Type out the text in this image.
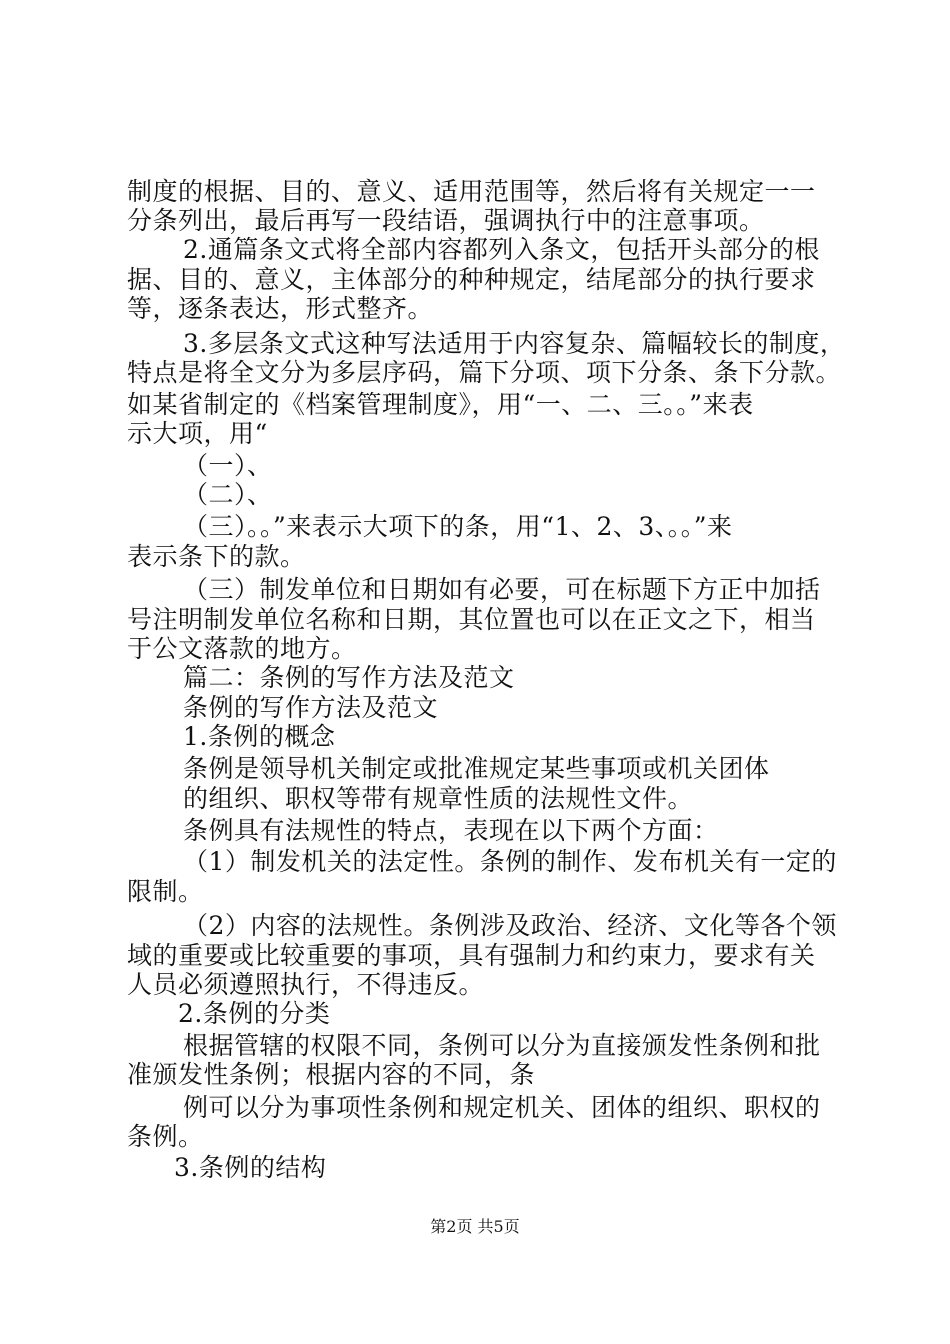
制度的根据、目的、意义、适用范围等，然后将有关规定一一
分条列出，最后再写一段结语，强调执行中的注意事项。
2.通篇条文式将全部内容都列入条文，包括开头部分的根
据、目的、意义，主体部分的种种规定，结尾部分的执行要求
等，逐条表达，形式整齐。
3.多层条文式这种写法适用于内容复杂、篇幅较长的制度，
特点是将全文分为多层序码，篇下分项、项下分条、条下分款。
如某省制定的《档案管理制度》，用“一、二、三。。”来表
示大项，用“
（一）、
（二）、
（三）。。”来表示大项下的条，用“1、2、3、。。”来
表示条下的款。
（三）制发单位和日期如有必要，可在标题下方正中加括
号注明制发单位名称和日期，其位置也可以在正文之下，相当
于公文落款的地方。
篇二：条例的写作方法及范文
条例的写作方法及范文
1.条例的概念
条例是领导机关制定或批准规定某些事项或机关团体
的组织、职权等带有规章性质的法规性文件。
条例具有法规性的特点，表现在以下两个方面：
（1）制发机关的法定性。条例的制作、发布机关有一定的
限制。
（2）内容的法规性。条例涉及政治、经济、文化等各个领
域的重要或比较重要的事项，具有强制力和约束力，要求有关
人员必须遵照执行，不得违反。
2.条例的分类
根据管辖的权限不同，条例可以分为直接颁发性条例和批
准颁发性条例；根据内容的不同，条
例可以分为事项性条例和规定机关、团体的组织、职权的
条例。
3.条例的结构
第2页 共5页
